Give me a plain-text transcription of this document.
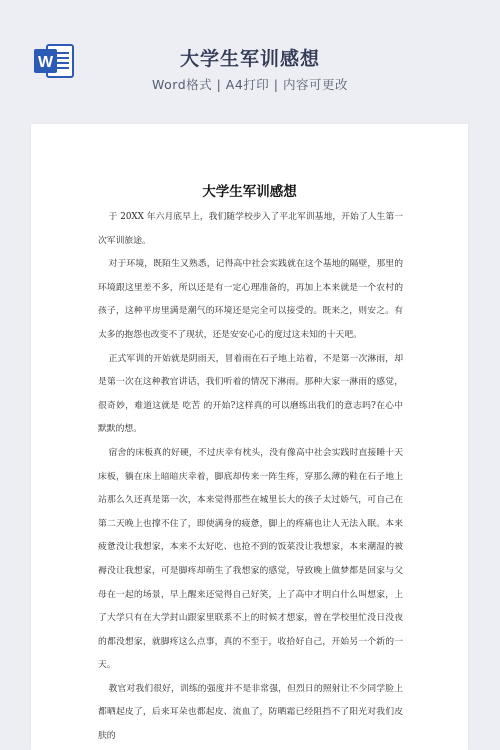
W	大学生军训感想
Word格式 | A4打印 | 内容可更改
大学生军训感想

于 20XX 年六月底早上，我们随学校步入了平北军训基地，开始了人生第一次军训旅途。

对于环境，既陌生又熟悉，记得高中社会实践就在这个基地的隔壁，那里的环境跟这里差不多，所以还是有一定心理准备的，再加上本来就是一个农村的孩子，这种平房里满是潮气的环境还是完全可以接受的。既来之，则安之。有太多的抱怨也改变不了现状，还是安安心心的度过这未知的十天吧。

正式军训的开始就是阴雨天，冒着雨在石子地上站着，不是第一次淋雨，却是第一次在这种教官讲话，我们听着的情况下淋雨。那种大家一淋雨的感觉，很奇妙，难道这就是 吃苦 的开始?这样真的可以磨练出我们的意志吗?在心中默默的想。

宿舍的床板真的好硬，不过庆幸有枕头，没有像高中社会实践时直接睡十天床板，躺在床上暗暗庆幸着，脚底却传来一阵生疼，穿那么薄的鞋在石子地上站那么久还真是第一次，本来觉得那些在城里长大的孩子太过娇气，可自己在第二天晚上也撑不住了，即使满身的疲惫，脚上的疼痛也让人无法入眠。本来疲惫没让我想家，本来不太好吃、也抢不到的饭菜没让我想家，本来潮湿的被褥没让我想家，可是脚疼却萌生了我想家的感觉，导致晚上做梦都是回家与父母在一起的场景，早上醒来还觉得自己好笑，上了高中才明白什么叫想家，上了大学只有在大学封山跟家里联系不上的时候才想家，曾在学校里忙没日没夜的都没想家，就脚疼这么点事，真的不至于，收拾好自己，开始另一个新的一天。

教官对我们很好，训练的强度并不是非常强，但烈日的照射让不少同学脸上都晒起皮了，后来耳朵也都起皮、流血了，防晒霜已经阻挡不了阳光对我们皮肤的
